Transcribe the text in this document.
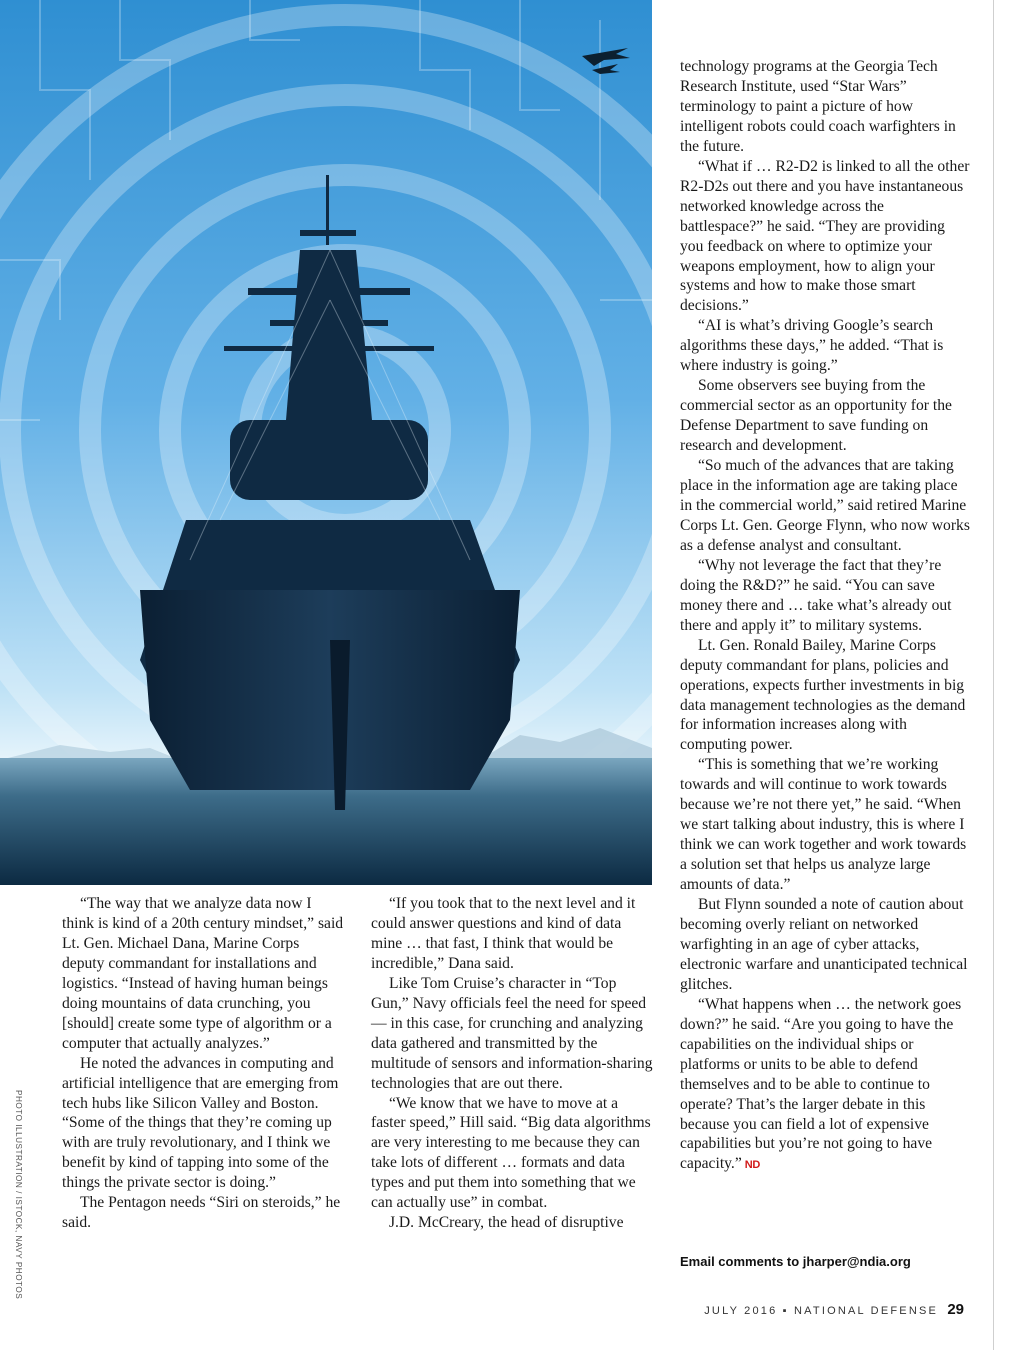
PHOTO ILLUSTRATION / ISTOCK, NAVY PHOTOS

“The way that we analyze data now I think is kind of a 20th century mindset,” said Lt. Gen. Michael Dana, Marine Corps deputy commandant for installations and logistics. “Instead of having human beings doing mountains of data crunching, you [should] create some type of algorithm or a computer that actually analyzes.”

He noted the advances in computing and artificial intelligence that are emerging from tech hubs like Silicon Valley and Boston. “Some of the things that they’re coming up with are truly revolutionary, and I think we benefit by kind of tapping into some of the things the private sector is doing.”

The Pentagon needs “Siri on steroids,” he said.

“If you took that to the next level and it could answer questions and kind of data mine … that fast, I think that would be incredible,” Dana said.

Like Tom Cruise’s character in “Top Gun,” Navy officials feel the need for speed — in this case, for crunching and analyzing data gathered and transmitted by the multitude of sensors and information-sharing technologies that are out there.

“We know that we have to move at a faster speed,” Hill said. “Big data algorithms are very interesting to me because they can take lots of different … formats and data types and put them into something that we can actually use” in combat.

J.D. McCreary, the head of disruptive

technology programs at the Georgia Tech Research Institute, used “Star Wars” terminology to paint a picture of how intelligent robots could coach warfighters in the future.

“What if … R2-D2 is linked to all the other R2-D2s out there and you have instantaneous networked knowledge across the battlespace?” he said. “They are providing you feedback on where to optimize your weapons employment, how to align your systems and how to make those smart decisions.”

“AI is what’s driving Google’s search algorithms these days,” he added. “That is where industry is going.”

Some observers see buying from the commercial sector as an opportunity for the Defense Department to save funding on research and development.

“So much of the advances that are taking place in the information age are taking place in the commercial world,” said retired Marine Corps Lt. Gen. George Flynn, who now works as a defense analyst and consultant.

“Why not leverage the fact that they’re doing the R&D?” he said. “You can save money there and … take what’s already out there and apply it” to military systems.

Lt. Gen. Ronald Bailey, Marine Corps deputy commandant for plans, policies and operations, expects further investments in big data management technologies as the demand for information increases along with computing power.

“This is something that we’re working towards and will continue to work towards because we’re not there yet,” he said. “When we start talking about industry, this is where I think we can work together and work towards a solution set that helps us analyze large amounts of data.”

But Flynn sounded a note of caution about becoming overly reliant on networked warfighting in an age of cyber attacks, electronic warfare and unanticipated technical glitches.

“What happens when … the network goes down?” he said. “Are you going to have the capabilities on the individual ships or platforms or units to be able to defend themselves and to be able to continue to operate? That’s the larger debate in this because you can field a lot of expensive capabilities but you’re not going to have capacity.” ND

Email comments to jharper@ndia.org
JULY 2016 ▪ NATIONAL DEFENSE 29
